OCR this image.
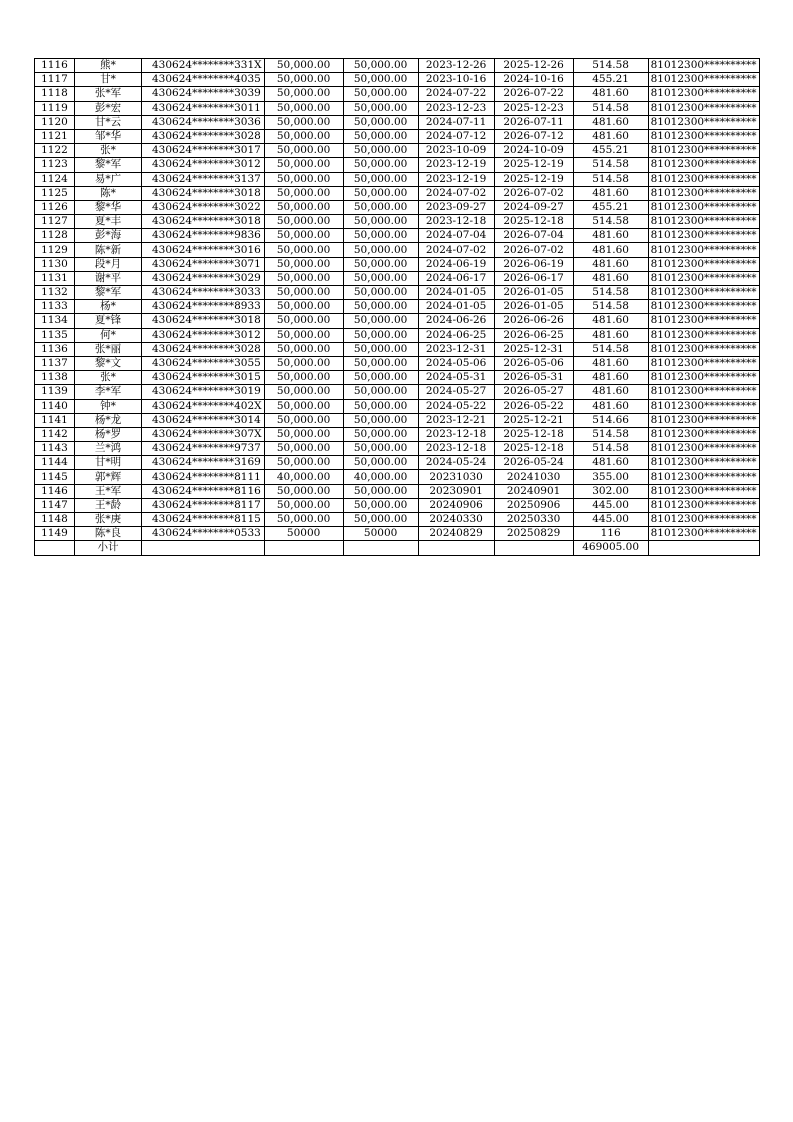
1116	熊*	430624********331X	50,000.00	50,000.00	2023-12-26	2025-12-26	514.58	81012300**********
1117	甘*	430624********4035	50,000.00	50,000.00	2023-10-16	2024-10-16	455.21	81012300**********
1118	张*军	430624********3039	50,000.00	50,000.00	2024-07-22	2026-07-22	481.60	81012300**********
1119	彭*宏	430624********3011	50,000.00	50,000.00	2023-12-23	2025-12-23	514.58	81012300**********
1120	甘*云	430624********3036	50,000.00	50,000.00	2024-07-11	2026-07-11	481.60	81012300**********
1121	邹*华	430624********3028	50,000.00	50,000.00	2024-07-12	2026-07-12	481.60	81012300**********
1122	张*	430624********3017	50,000.00	50,000.00	2023-10-09	2024-10-09	455.21	81012300**********
1123	黎*军	430624********3012	50,000.00	50,000.00	2023-12-19	2025-12-19	514.58	81012300**********
1124	易*广	430624********3137	50,000.00	50,000.00	2023-12-19	2025-12-19	514.58	81012300**********
1125	陈*	430624********3018	50,000.00	50,000.00	2024-07-02	2026-07-02	481.60	81012300**********
1126	黎*华	430624********3022	50,000.00	50,000.00	2023-09-27	2024-09-27	455.21	81012300**********
1127	夏*丰	430624********3018	50,000.00	50,000.00	2023-12-18	2025-12-18	514.58	81012300**********
1128	彭*海	430624********9836	50,000.00	50,000.00	2024-07-04	2026-07-04	481.60	81012300**********
1129	陈*新	430624********3016	50,000.00	50,000.00	2024-07-02	2026-07-02	481.60	81012300**********
1130	段*月	430624********3071	50,000.00	50,000.00	2024-06-19	2026-06-19	481.60	81012300**********
1131	谢*平	430624********3029	50,000.00	50,000.00	2024-06-17	2026-06-17	481.60	81012300**********
1132	黎*军	430624********3033	50,000.00	50,000.00	2024-01-05	2026-01-05	514.58	81012300**********
1133	杨*	430624********8933	50,000.00	50,000.00	2024-01-05	2026-01-05	514.58	81012300**********
1134	夏*锋	430624********3018	50,000.00	50,000.00	2024-06-26	2026-06-26	481.60	81012300**********
1135	何*	430624********3012	50,000.00	50,000.00	2024-06-25	2026-06-25	481.60	81012300**********
1136	张*丽	430624********3028	50,000.00	50,000.00	2023-12-31	2025-12-31	514.58	81012300**********
1137	黎*文	430624********3055	50,000.00	50,000.00	2024-05-06	2026-05-06	481.60	81012300**********
1138	张*	430624********3015	50,000.00	50,000.00	2024-05-31	2026-05-31	481.60	81012300**********
1139	李*军	430624********3019	50,000.00	50,000.00	2024-05-27	2026-05-27	481.60	81012300**********
1140	钟*	430624********402X	50,000.00	50,000.00	2024-05-22	2026-05-22	481.60	81012300**********
1141	杨*龙	430624********3014	50,000.00	50,000.00	2023-12-21	2025-12-21	514.66	81012300**********
1142	杨*罗	430624********307X	50,000.00	50,000.00	2023-12-18	2025-12-18	514.58	81012300**********
1143	兰*鸿	430624********9737	50,000.00	50,000.00	2023-12-18	2025-12-18	514.58	81012300**********
1144	甘*明	430624********3169	50,000.00	50,000.00	2024-05-24	2026-05-24	481.60	81012300**********
1145	郭*辉	430624********8111	40,000.00	40,000.00	20231030	20241030	355.00	81012300**********
1146	王*军	430624********8116	50,000.00	50,000.00	20230901	20240901	302.00	81012300**********
1147	王*龄	430624********8117	50,000.00	50,000.00	20240906	20250906	445.00	81012300**********
1148	张*庚	430624********8115	50,000.00	50,000.00	20240330	20250330	445.00	81012300**********
1149	陈*良	430624********0533	50000	50000	20240829	20250829	116	81012300**********
	小计						469005.00	
